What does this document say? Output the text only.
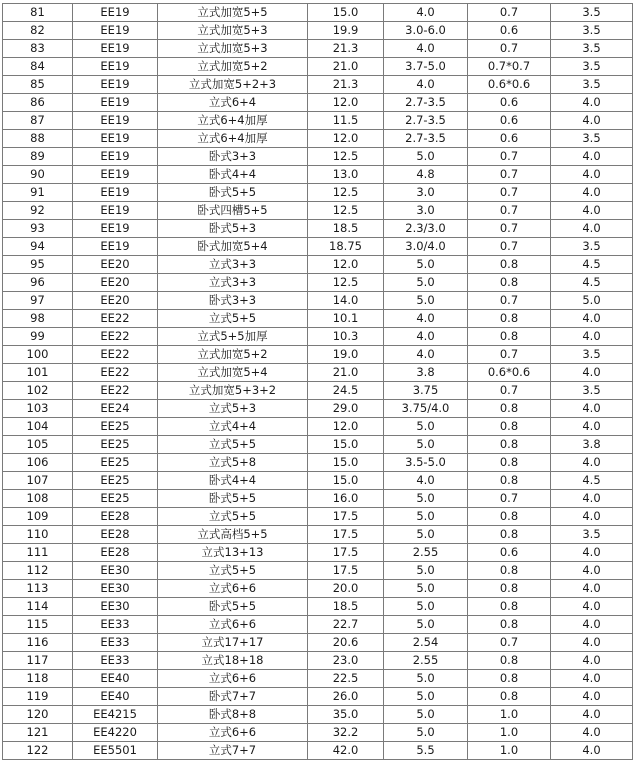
81	EE19	立式加宽5+5	15.0	4.0	0.7	3.5
82	EE19	立式加宽5+3	19.9	3.0-6.0	0.6	3.5
83	EE19	立式加宽5+3	21.3	4.0	0.7	3.5
84	EE19	立式加宽5+2	21.0	3.7-5.0	0.7*0.7	3.5
85	EE19	立式加宽5+2+3	21.3	4.0	0.6*0.6	3.5
86	EE19	立式6+4	12.0	2.7-3.5	0.6	4.0
87	EE19	立式6+4加厚	11.5	2.7-3.5	0.6	4.0
88	EE19	立式6+4加厚	12.0	2.7-3.5	0.6	3.5
89	EE19	卧式3+3	12.5	5.0	0.7	4.0
90	EE19	卧式4+4	13.0	4.8	0.7	4.0
91	EE19	卧式5+5	12.5	3.0	0.7	4.0
92	EE19	卧式四槽5+5	12.5	3.0	0.7	4.0
93	EE19	卧式5+3	18.5	2.3/3.0	0.7	4.0
94	EE19	卧式加宽5+4	18.75	3.0/4.0	0.7	3.5
95	EE20	立式3+3	12.0	5.0	0.8	4.5
96	EE20	立式3+3	12.5	5.0	0.8	4.5
97	EE20	卧式3+3	14.0	5.0	0.7	5.0
98	EE22	立式5+5	10.1	4.0	0.8	4.0
99	EE22	立式5+5加厚	10.3	4.0	0.8	4.0
100	EE22	立式加宽5+2	19.0	4.0	0.7	3.5
101	EE22	立式加宽5+4	21.0	3.8	0.6*0.6	4.0
102	EE22	立式加宽5+3+2	24.5	3.75	0.7	3.5
103	EE24	立式5+3	29.0	3.75/4.0	0.8	4.0
104	EE25	立式4+4	12.0	5.0	0.8	4.0
105	EE25	立式5+5	15.0	5.0	0.8	3.8
106	EE25	立式5+8	15.0	3.5-5.0	0.8	4.0
107	EE25	卧式4+4	15.0	4.0	0.8	4.5
108	EE25	卧式5+5	16.0	5.0	0.7	4.0
109	EE28	立式5+5	17.5	5.0	0.8	4.0
110	EE28	立式高档5+5	17.5	5.0	0.8	3.5
111	EE28	立式13+13	17.5	2.55	0.6	4.0
112	EE30	立式5+5	17.5	5.0	0.8	4.0
113	EE30	立式6+6	20.0	5.0	0.8	4.0
114	EE30	卧式5+5	18.5	5.0	0.8	4.0
115	EE33	立式6+6	22.7	5.0	0.8	4.0
116	EE33	立式17+17	20.6	2.54	0.7	4.0
117	EE33	立式18+18	23.0	2.55	0.8	4.0
118	EE40	立式6+6	22.5	5.0	0.8	4.0
119	EE40	卧式7+7	26.0	5.0	0.8	4.0
120	EE4215	卧式8+8	35.0	5.0	1.0	4.0
121	EE4220	立式6+6	32.2	5.0	1.0	4.0
122	EE5501	立式7+7	42.0	5.5	1.0	4.0
